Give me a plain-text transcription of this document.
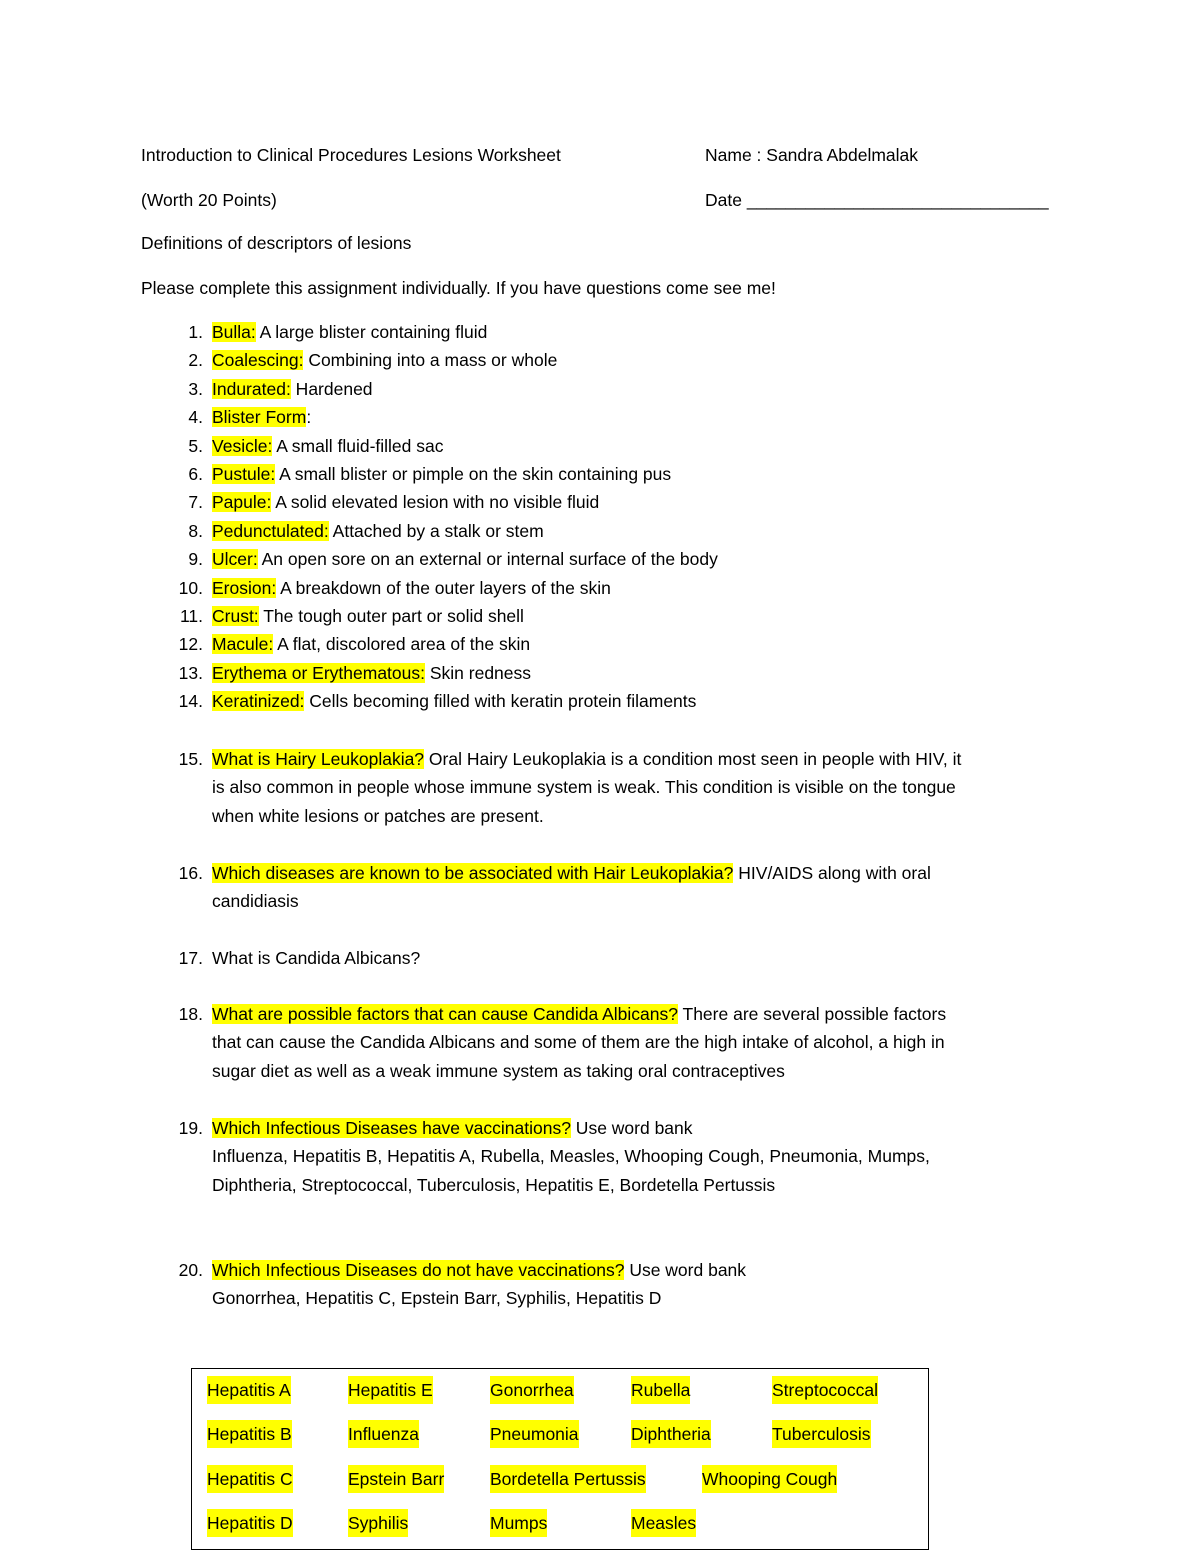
Introduction to Clinical Procedures Lesions Worksheet	Name : Sandra Abdelmalak
(Worth 20 Points)	Date _______________________________
Definitions of descriptors of lesions
Please complete this assignment individually. If you have questions come see me!
1. Bulla: A large blister containing fluid
2. Coalescing: Combining into a mass or whole
3. Indurated: Hardened
4. Blister Form:
5. Vesicle: A small fluid-filled sac
6. Pustule: A small blister or pimple on the skin containing pus
7. Papule: A solid elevated lesion with no visible fluid
8. Pedunctulated: Attached by a stalk or stem
9. Ulcer: An open sore on an external or internal surface of the body
10. Erosion: A breakdown of the outer layers of the skin
11. Crust: The tough outer part or solid shell
12. Macule: A flat, discolored area of the skin
13. Erythema or Erythematous: Skin redness
14. Keratinized: Cells becoming filled with keratin protein filaments
15. What is Hairy Leukoplakia? Oral Hairy Leukoplakia is a condition most seen in people with HIV, it

is also common in people whose immune system is weak. This condition is visible on the tongue

when white lesions or patches are present.

16. Which diseases are known to be associated with Hair Leukoplakia? HIV/AIDS along with oral

candidiasis

17. What is Candida Albicans?

18. What are possible factors that can cause Candida Albicans? There are several possible factors

that can cause the Candida Albicans and some of them are the high intake of alcohol, a high in

sugar diet as well as a weak immune system as taking oral contraceptives

19. Which Infectious Diseases have vaccinations? Use word bank

Influenza, Hepatitis B, Hepatitis A, Rubella, Measles, Whooping Cough, Pneumonia, Mumps,

Diphtheria, Streptococcal, Tuberculosis, Hepatitis E, Bordetella Pertussis

20. Which Infectious Diseases do not have vaccinations? Use word bank

Gonorrhea, Hepatitis C, Epstein Barr, Syphilis, Hepatitis D

Hepatitis A	Hepatitis E	Gonorrhea	Rubella	Streptococcal
Hepatitis B	Influenza	Pneumonia	Diphtheria	Tuberculosis
Hepatitis C	Epstein Barr	Bordetella Pertussis	Whooping Cough
Hepatitis D	Syphilis	Mumps	Measles
